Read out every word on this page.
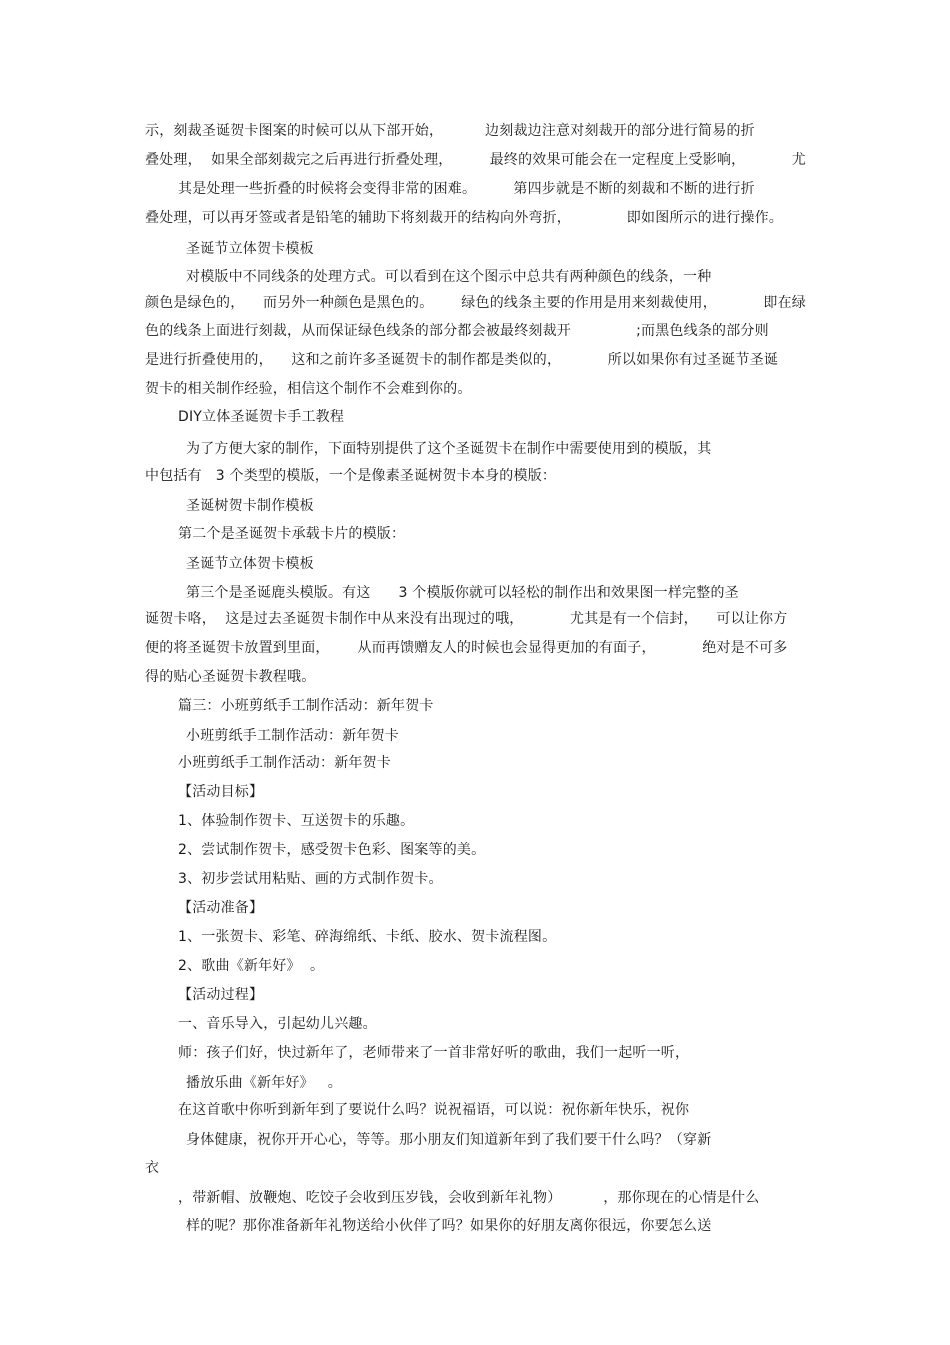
示，刻裁圣诞贺卡图案的时候可以从下部开始，         边刻裁边注意对刻裁开的部分进行简易的折
叠处理，  如果全部刻裁完之后再进行折叠处理，        最终的效果可能会在一定程度上受影响，          尤
其是处理一些折叠的时候将会变得非常的困难。        第四步就是不断的刻裁和不断的进行折
叠处理，可以再牙签或者是铅笔的辅助下将刻裁开的结构向外弯折，            即如图所示的进行操作。
圣诞节立体贺卡模板
对模版中不同线条的处理方式。可以看到在这个图示中总共有两种颜色的线条，一种
颜色是绿色的，    而另外一种颜色是黑色的。      绿色的线条主要的作用是用来刻裁使用，          即在绿
色的线条上面进行刻裁，从而保证绿色线条的部分都会被最终刻裁开              ;而黑色线条的部分则
是进行折叠使用的，    这和之前许多圣诞贺卡的制作都是类似的，          所以如果你有过圣诞节圣诞
贺卡的相关制作经验，相信这个制作不会难到你的。
DIY立体圣诞贺卡手工教程
为了方便大家的制作，下面特别提供了这个圣诞贺卡在制作中需要使用到的模版，其
中包括有   3 个类型的模版，一个是像素圣诞树贺卡本身的模版：
圣诞树贺卡制作模板
第二个是圣诞贺卡承载卡片的模版：
圣诞节立体贺卡模板
第三个是圣诞鹿头模版。有这      3 个模版你就可以轻松的制作出和效果图一样完整的圣
诞贺卡咯，  这是过去圣诞贺卡制作中从来没有出现过的哦，          尤其是有一个信封，    可以让你方
便的将圣诞贺卡放置到里面，      从而再馈赠友人的时候也会显得更加的有面子，          绝对是不可多
得的贴心圣诞贺卡教程哦。
篇三：小班剪纸手工制作活动：新年贺卡
小班剪纸手工制作活动：新年贺卡
小班剪纸手工制作活动：新年贺卡
【活动目标】
1、体验制作贺卡、互送贺卡的乐趣。
2、尝试制作贺卡，感受贺卡色彩、图案等的美。
3、初步尝试用粘贴、画的方式制作贺卡。
【活动准备】
1、一张贺卡、彩笔、碎海绵纸、卡纸、胶水、贺卡流程图。
2、歌曲《新年好》  。
【活动过程】
一、音乐导入，引起幼儿兴趣。
师：孩子们好，快过新年了，老师带来了一首非常好听的歌曲，我们一起听一听，
播放乐曲《新年好》   。
在这首歌中你听到新年到了要说什么吗？说祝福语，可以说：祝你新年快乐，祝你
身体健康，祝你开开心心，等等。那小朋友们知道新年到了我们要干什么吗？（穿新
衣
，带新帽、放鞭炮、吃饺子会收到压岁钱，会收到新年礼物）         ，那你现在的心情是什么
样的呢？那你准备新年礼物送给小伙伴了吗？如果你的好朋友离你很远，你要怎么送
